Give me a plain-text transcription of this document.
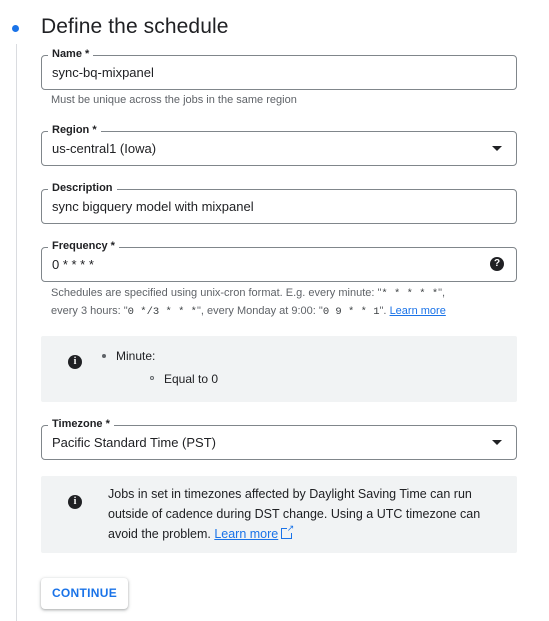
Define the schedule
Name *
sync-bq-mixpanel
Must be unique across the jobs in the same region
Region *
us-central1 (Iowa)
Description
sync bigquery model with mixpanel
Frequency *
0 * * * *	?
Schedules are specified using unix-cron format. E.g. every minute: "* * * * *",
every 3 hours: "0 */3 * * *", every Monday at 9:00: "0 9 * * 1". Learn more
i	Minute:
Equal to 0
Timezone *
Pacific Standard Time (PST)
i
Jobs in set in timezones affected by Daylight Saving Time can run outside of cadence during DST change. Using a UTC timezone can avoid the problem. Learn more↗
CONTINUE
